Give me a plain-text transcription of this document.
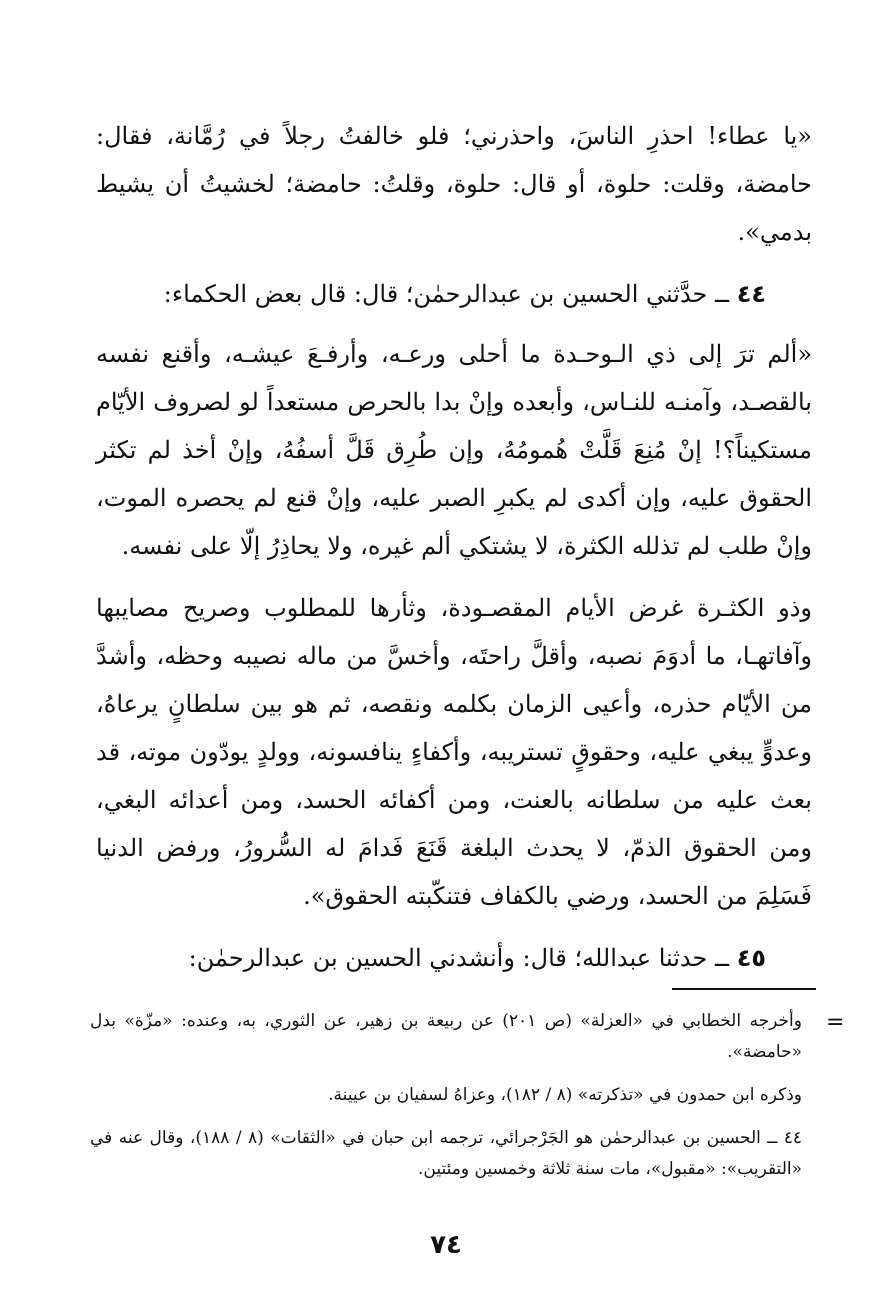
«يا عطاء! احذرِ الناسَ، واحذرني؛ فلو خالفتُ رجلاً في رُمَّانة، فقال: حامضة، وقلت: حلوة، أو قال: حلوة، وقلتُ: حامضة؛ لخشيتُ أن يشيط بدمي».

٤٤ ــ حدَّثني الحسين بن عبدالرحمٰن؛ قال: قال بعض الحكماء:

«ألم ترَ إلى ذي الـوحـدة ما أحلى ورعـه، وأرفـعَ عيشـه، وأقنع نفسه بالقصـد، وآمنـه للنـاس، وأبعده وإنْ بدا بالحرص مستعداً لو لصروف الأيّام مستكيناً؟! إنْ مُنِعَ قَلَّتْ هُمومُهُ، وإن طُرِق قَلَّ أسفُهُ، وإنْ أخذ لم تكثر الحقوق عليه، وإن أكدى لم يكبرِ الصبر عليه، وإنْ قنع لم يحصره الموت، وإنْ طلب لم تذلله الكثرة، لا يشتكي ألم غيره، ولا يحاذِرُ إلّا على نفسه.

وذو الكثـرة غرض الأيام المقصـودة، وثأرها للمطلوب وصريح مصايبها وآفاتهـا، ما أدوَمَ نصبه، وأقلَّ راحتَه، وأخسَّ من ماله نصيبه وحظه، وأشدَّ من الأيّام حذره، وأعيى الزمان بكلمه ونقصه، ثم هو بين سلطانٍ يرعاهُ، وعدوٍّ يبغي عليه، وحقوقٍ تستريبه، وأكفاءٍ ينافسونه، وولدٍ يودّون موته، قد بعث عليه من سلطانه بالعنت، ومن أكفائه الحسد، ومن أعدائه البغي، ومن الحقوق الذمّ، لا يحدث البلغة قَنَعَ فَدامَ له السُّرورُ، ورفض الدنيا فَسَلِمَ من الحسد، ورضي بالكفاف فتنكّبته الحقوق».

٤٥ ــ حدثنا عبدالله؛ قال: وأنشدني الحسين بن عبدالرحمٰن:

=

وأخرجه الخطابي في «العزلة» (ص ٢٠١) عن ربيعة بن زهير، عن الثوري، به، وعنده: «مزّة» بدل «حامضة».

وذكره ابن حمدون في «تذكرته» (٨ / ١٨٢)، وعزاهُ لسفيان بن عيينة.

٤٤ ــ الحسين بن عبدالرحمٰن هو الجَرْجرائي، ترجمه ابن حبان في «الثقات» (٨ / ١٨٨)، وقال عنه في «التقريب»: «مقبول»، مات سنة ثلاثة وخمسين ومئتين.

٧٤
